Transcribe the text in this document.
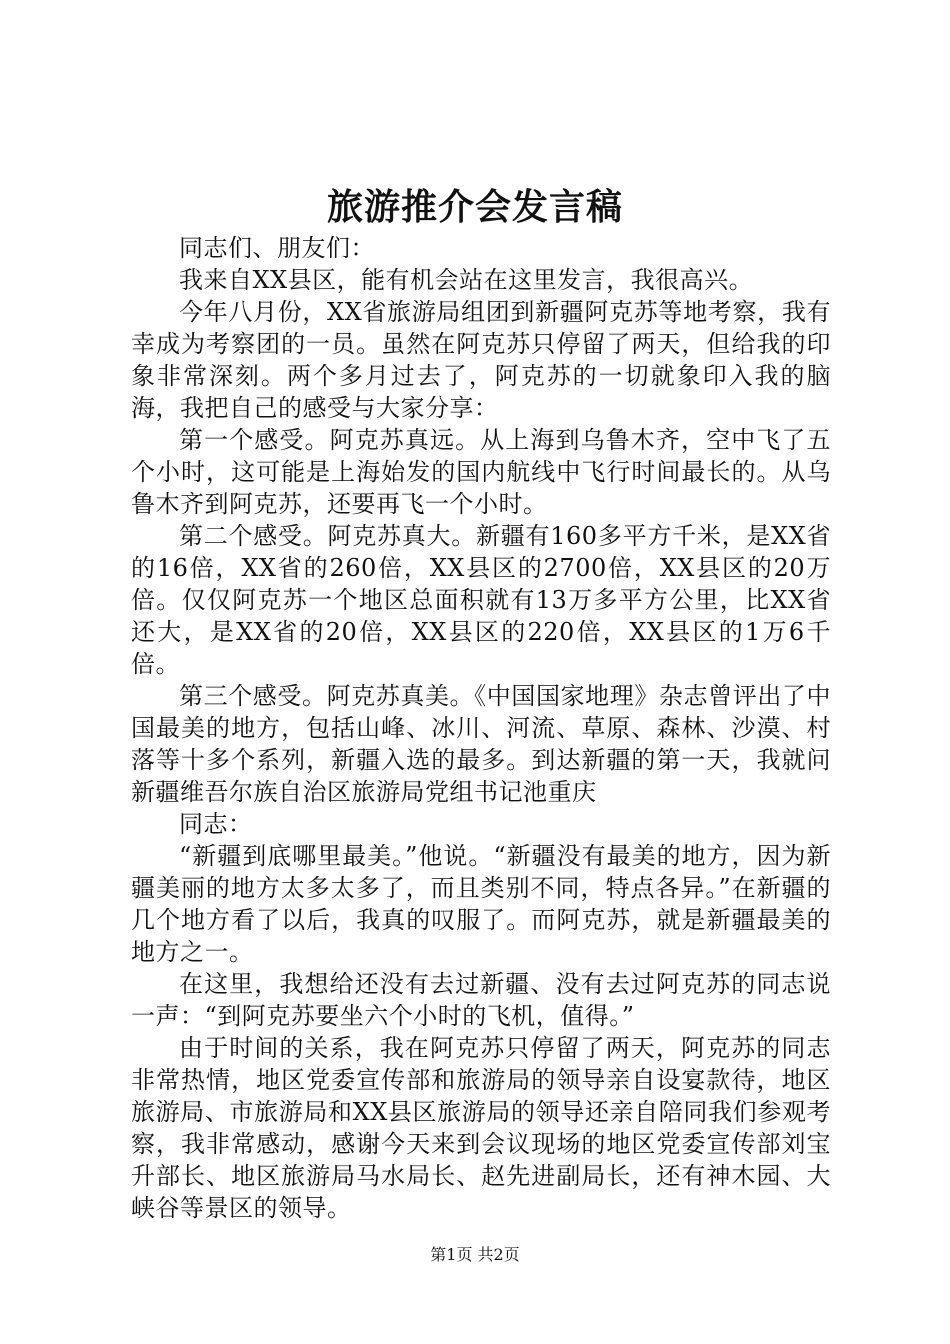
旅游推介会发言稿

同志们、朋友们：

我来自XX县区，能有机会站在这里发言，我很高兴。

今年八月份，XX省旅游局组团到新疆阿克苏等地考察，我有幸成为考察团的一员。虽然在阿克苏只停留了两天，但给我的印象非常深刻。两个多月过去了，阿克苏的一切就象印入我的脑海，我把自己的感受与大家分享：

第一个感受。阿克苏真远。从上海到乌鲁木齐，空中飞了五个小时，这可能是上海始发的国内航线中飞行时间最长的。从乌鲁木齐到阿克苏，还要再飞一个小时。

第二个感受。阿克苏真大。新疆有160多平方千米，是XX省的16倍，XX省的260倍，XX县区的2700倍，XX县区的20万倍。仅仅阿克苏一个地区总面积就有13万多平方公里，比XX省还大，是XX省的20倍，XX县区的220倍，XX县区的1万6千倍。

第三个感受。阿克苏真美。《中国国家地理》杂志曾评出了中国最美的地方，包括山峰、冰川、河流、草原、森林、沙漠、村落等十多个系列，新疆入选的最多。到达新疆的第一天，我就问新疆维吾尔族自治区旅游局党组书记池重庆

同志：

“新疆到底哪里最美。”他说。“新疆没有最美的地方，因为新疆美丽的地方太多太多了，而且类别不同，特点各异。”在新疆的几个地方看了以后，我真的叹服了。而阿克苏，就是新疆最美的地方之一。

在这里，我想给还没有去过新疆、没有去过阿克苏的同志说一声：“到阿克苏要坐六个小时的飞机，值得。”

由于时间的关系，我在阿克苏只停留了两天，阿克苏的同志非常热情，地区党委宣传部和旅游局的领导亲自设宴款待，地区旅游局、市旅游局和XX县区旅游局的领导还亲自陪同我们参观考察，我非常感动，感谢今天来到会议现场的地区党委宣传部刘宝升部长、地区旅游局马水局长、赵先进副局长，还有神木园、大峡谷等景区的领导。

第1页 共2页
